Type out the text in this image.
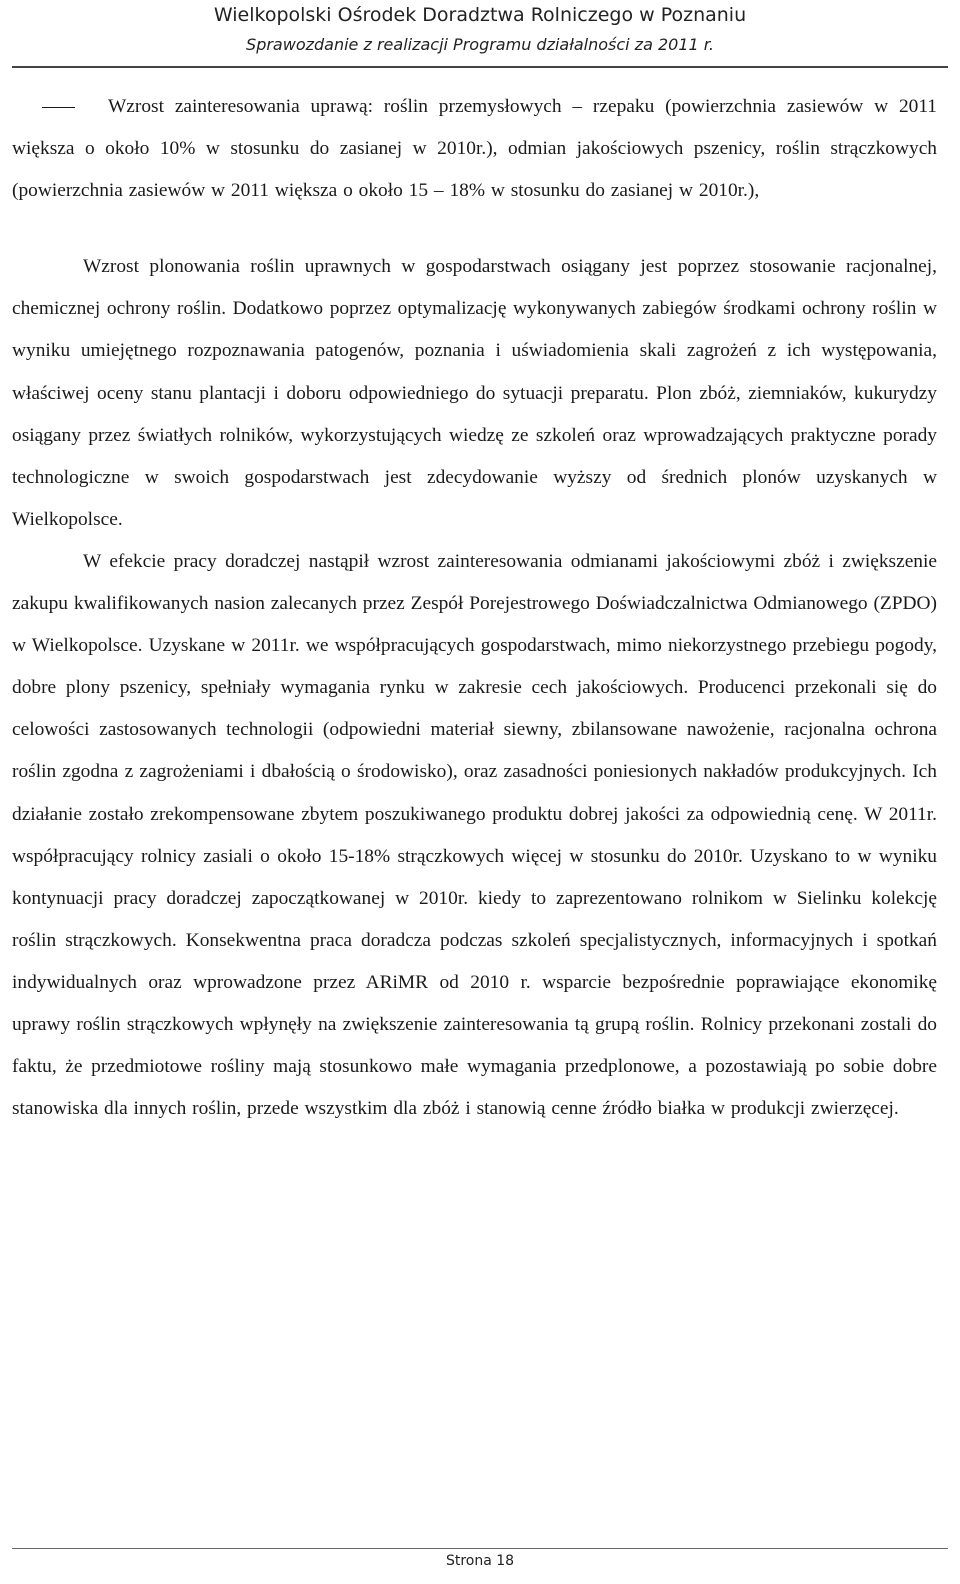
Wielkopolski Ośrodek Doradztwa Rolniczego w Poznaniu
Sprawozdanie z realizacji Programu działalności za 2011 r.

Wzrost zainteresowania uprawą: roślin przemysłowych – rzepaku (powierzchnia zasiewów w 2011 większa o około 10% w stosunku do zasianej w 2010r.), odmian jakościowych pszenicy, roślin strączkowych (powierzchnia zasiewów w 2011 większa o około 15 – 18% w stosunku do zasianej w 2010r.),

Wzrost plonowania roślin uprawnych w gospodarstwach osiągany jest poprzez stosowanie racjonalnej, chemicznej ochrony roślin. Dodatkowo poprzez optymalizację wykonywanych zabiegów środkami ochrony roślin w wyniku umiejętnego rozpoznawania patogenów, poznania i uświadomienia skali zagrożeń z ich występowania, właściwej oceny stanu plantacji i doboru odpowiedniego do sytuacji preparatu. Plon zbóż, ziemniaków, kukurydzy osiągany przez światłych rolników, wykorzystujących wiedzę ze szkoleń oraz wprowadzających praktyczne porady technologiczne w swoich gospodarstwach jest zdecydowanie wyższy od średnich plonów uzyskanych w Wielkopolsce.

W efekcie pracy doradczej nastąpił wzrost zainteresowania odmianami jakościowymi zbóż i zwiększenie zakupu kwalifikowanych nasion zalecanych przez Zespół Porejestrowego Doświadczalnictwa Odmianowego (ZPDO) w Wielkopolsce. Uzyskane w 2011r. we współpracujących gospodarstwach, mimo niekorzystnego przebiegu pogody, dobre plony pszenicy, spełniały wymagania rynku w zakresie cech jakościowych. Producenci przekonali się do celowości zastosowanych technologii (odpowiedni materiał siewny, zbilansowane nawożenie, racjonalna ochrona roślin zgodna z zagrożeniami i dbałością o środowisko), oraz zasadności poniesionych nakładów produkcyjnych. Ich działanie zostało zrekompensowane zbytem poszukiwanego produktu dobrej jakości za odpowiednią cenę. W 2011r. współpracujący rolnicy zasiali o około 15-18% strączkowych więcej w stosunku do 2010r. Uzyskano to w wyniku kontynuacji pracy doradczej zapoczątkowanej w 2010r. kiedy to zaprezentowano rolnikom w Sielinku kolekcję roślin strączkowych. Konsekwentna praca doradcza podczas szkoleń specjalistycznych, informacyjnych i spotkań indywidualnych oraz wprowadzone przez ARiMR od 2010 r. wsparcie bezpośrednie poprawiające ekonomikę uprawy roślin strączkowych wpłynęły na zwiększenie zainteresowania tą grupą roślin. Rolnicy przekonani zostali do faktu, że przedmiotowe rośliny mają stosunkowo małe wymagania przedplonowe, a pozostawiają po sobie dobre stanowiska dla innych roślin, przede wszystkim dla zbóż i stanowią cenne źródło białka w produkcji zwierzęcej.

Strona 18
